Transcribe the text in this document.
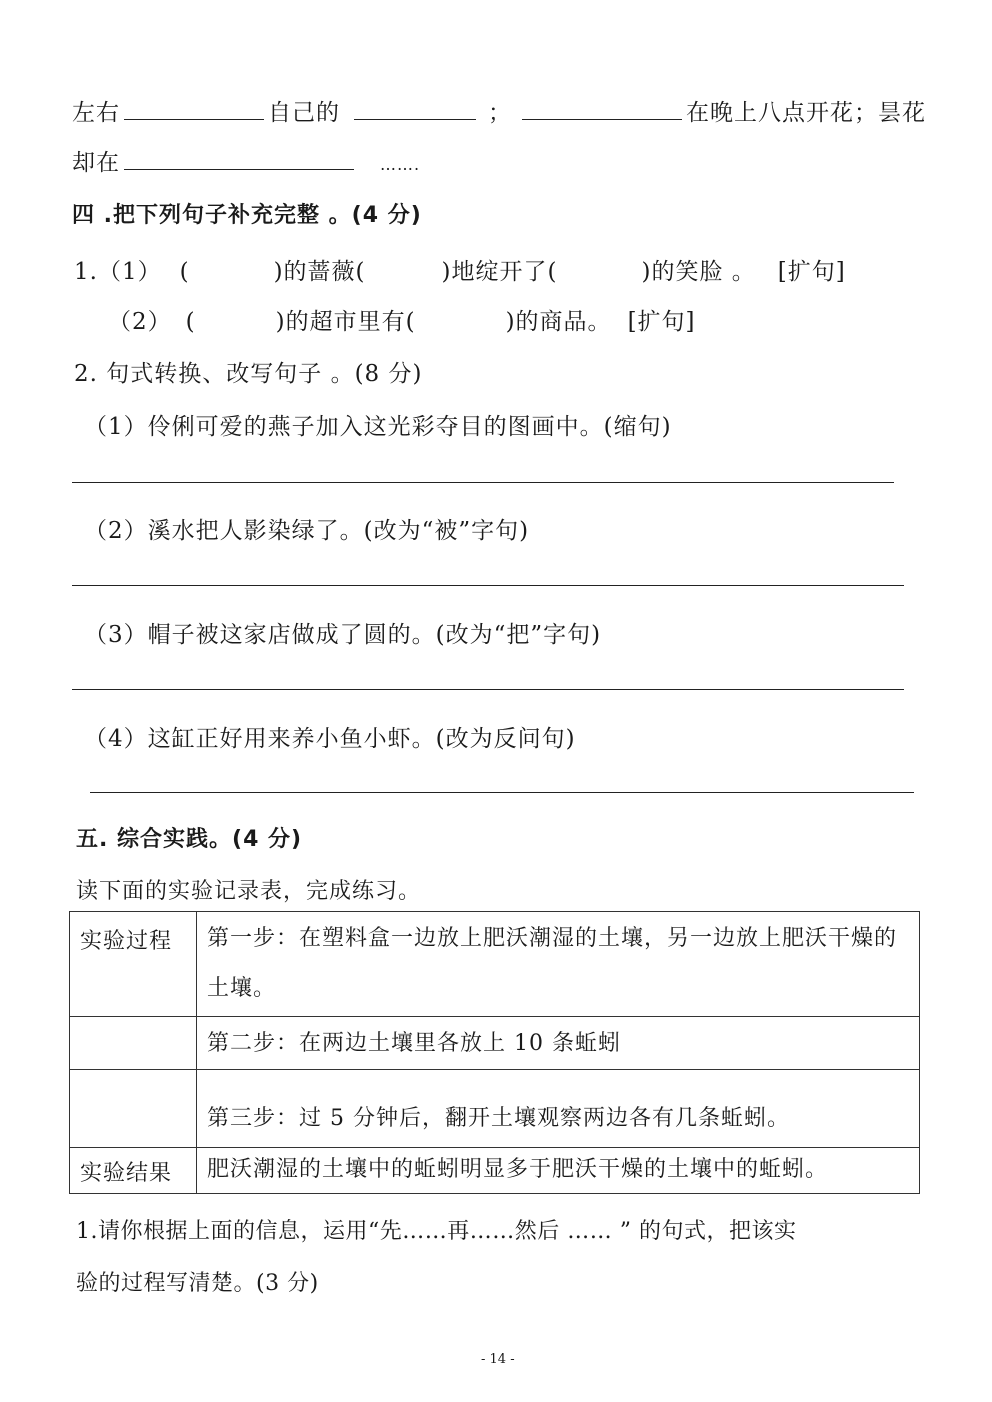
左右	自己的	；	在晚上八点开花；昙花
却在	…….
四 .把下列句子补充完整 。(4 分)
1.（1） (	)的蔷薇(	)地绽开了(	)的笑脸 。 [扩句]
（2） (	)的超市里有(	)的商品。 [扩句]
2. 句式转换、改写句子 。(8 分)
（1）伶俐可爱的燕子加入这光彩夺目的图画中。(缩句)
（2）溪水把人影染绿了。(改为“被”字句)
（3）帽子被这家店做成了圆的。(改为“把”字句)
（4）这缸正好用来养小鱼小虾。(改为反问句)
五. 综合实践。(4 分)
读下面的实验记录表，完成练习。
实验过程	第一步：在塑料盒一边放上肥沃潮湿的土壤，另一边放上肥沃干燥的土壤。
	第二步：在两边土壤里各放上 10 条蚯蚓
	第三步：过 5 分钟后，翻开土壤观察两边各有几条蚯蚓。
实验结果	肥沃潮湿的土壤中的蚯蚓明显多于肥沃干燥的土壤中的蚯蚓。
1.请你根据上面的信息，运用“先……再……然后 …… ” 的句式，把该实
验的过程写清楚。(3 分)
- 14 -
